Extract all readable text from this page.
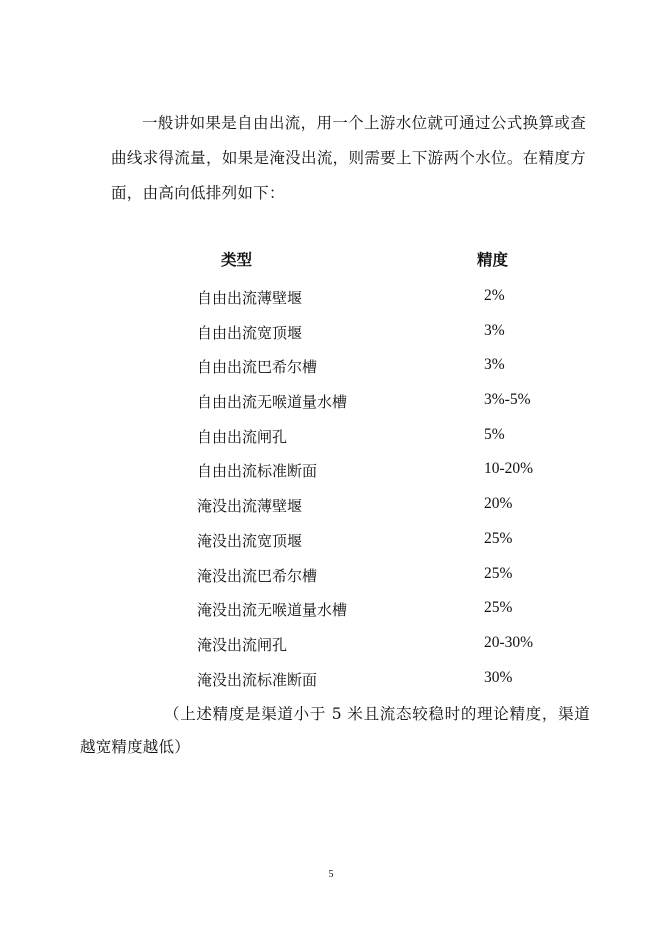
一般讲如果是自由出流，用一个上游水位就可通过公式换算或查曲线求得流量，如果是淹没出流，则需要上下游两个水位。在精度方面，由高向低排列如下：

类型	精度
自由出流薄壁堰	2%
自由出流宽顶堰	3%
自由出流巴希尔槽	3%
自由出流无喉道量水槽	3%-5%
自由出流闸孔	5%
自由出流标准断面	10-20%
淹没出流薄壁堰	20%
淹没出流宽顶堰	25%
淹没出流巴希尔槽	25%
淹没出流无喉道量水槽	25%
淹没出流闸孔	20-30%
淹没出流标准断面	30%

（上述精度是渠道小于 5 米且流态较稳时的理论精度，渠道越宽精度越低）

5
